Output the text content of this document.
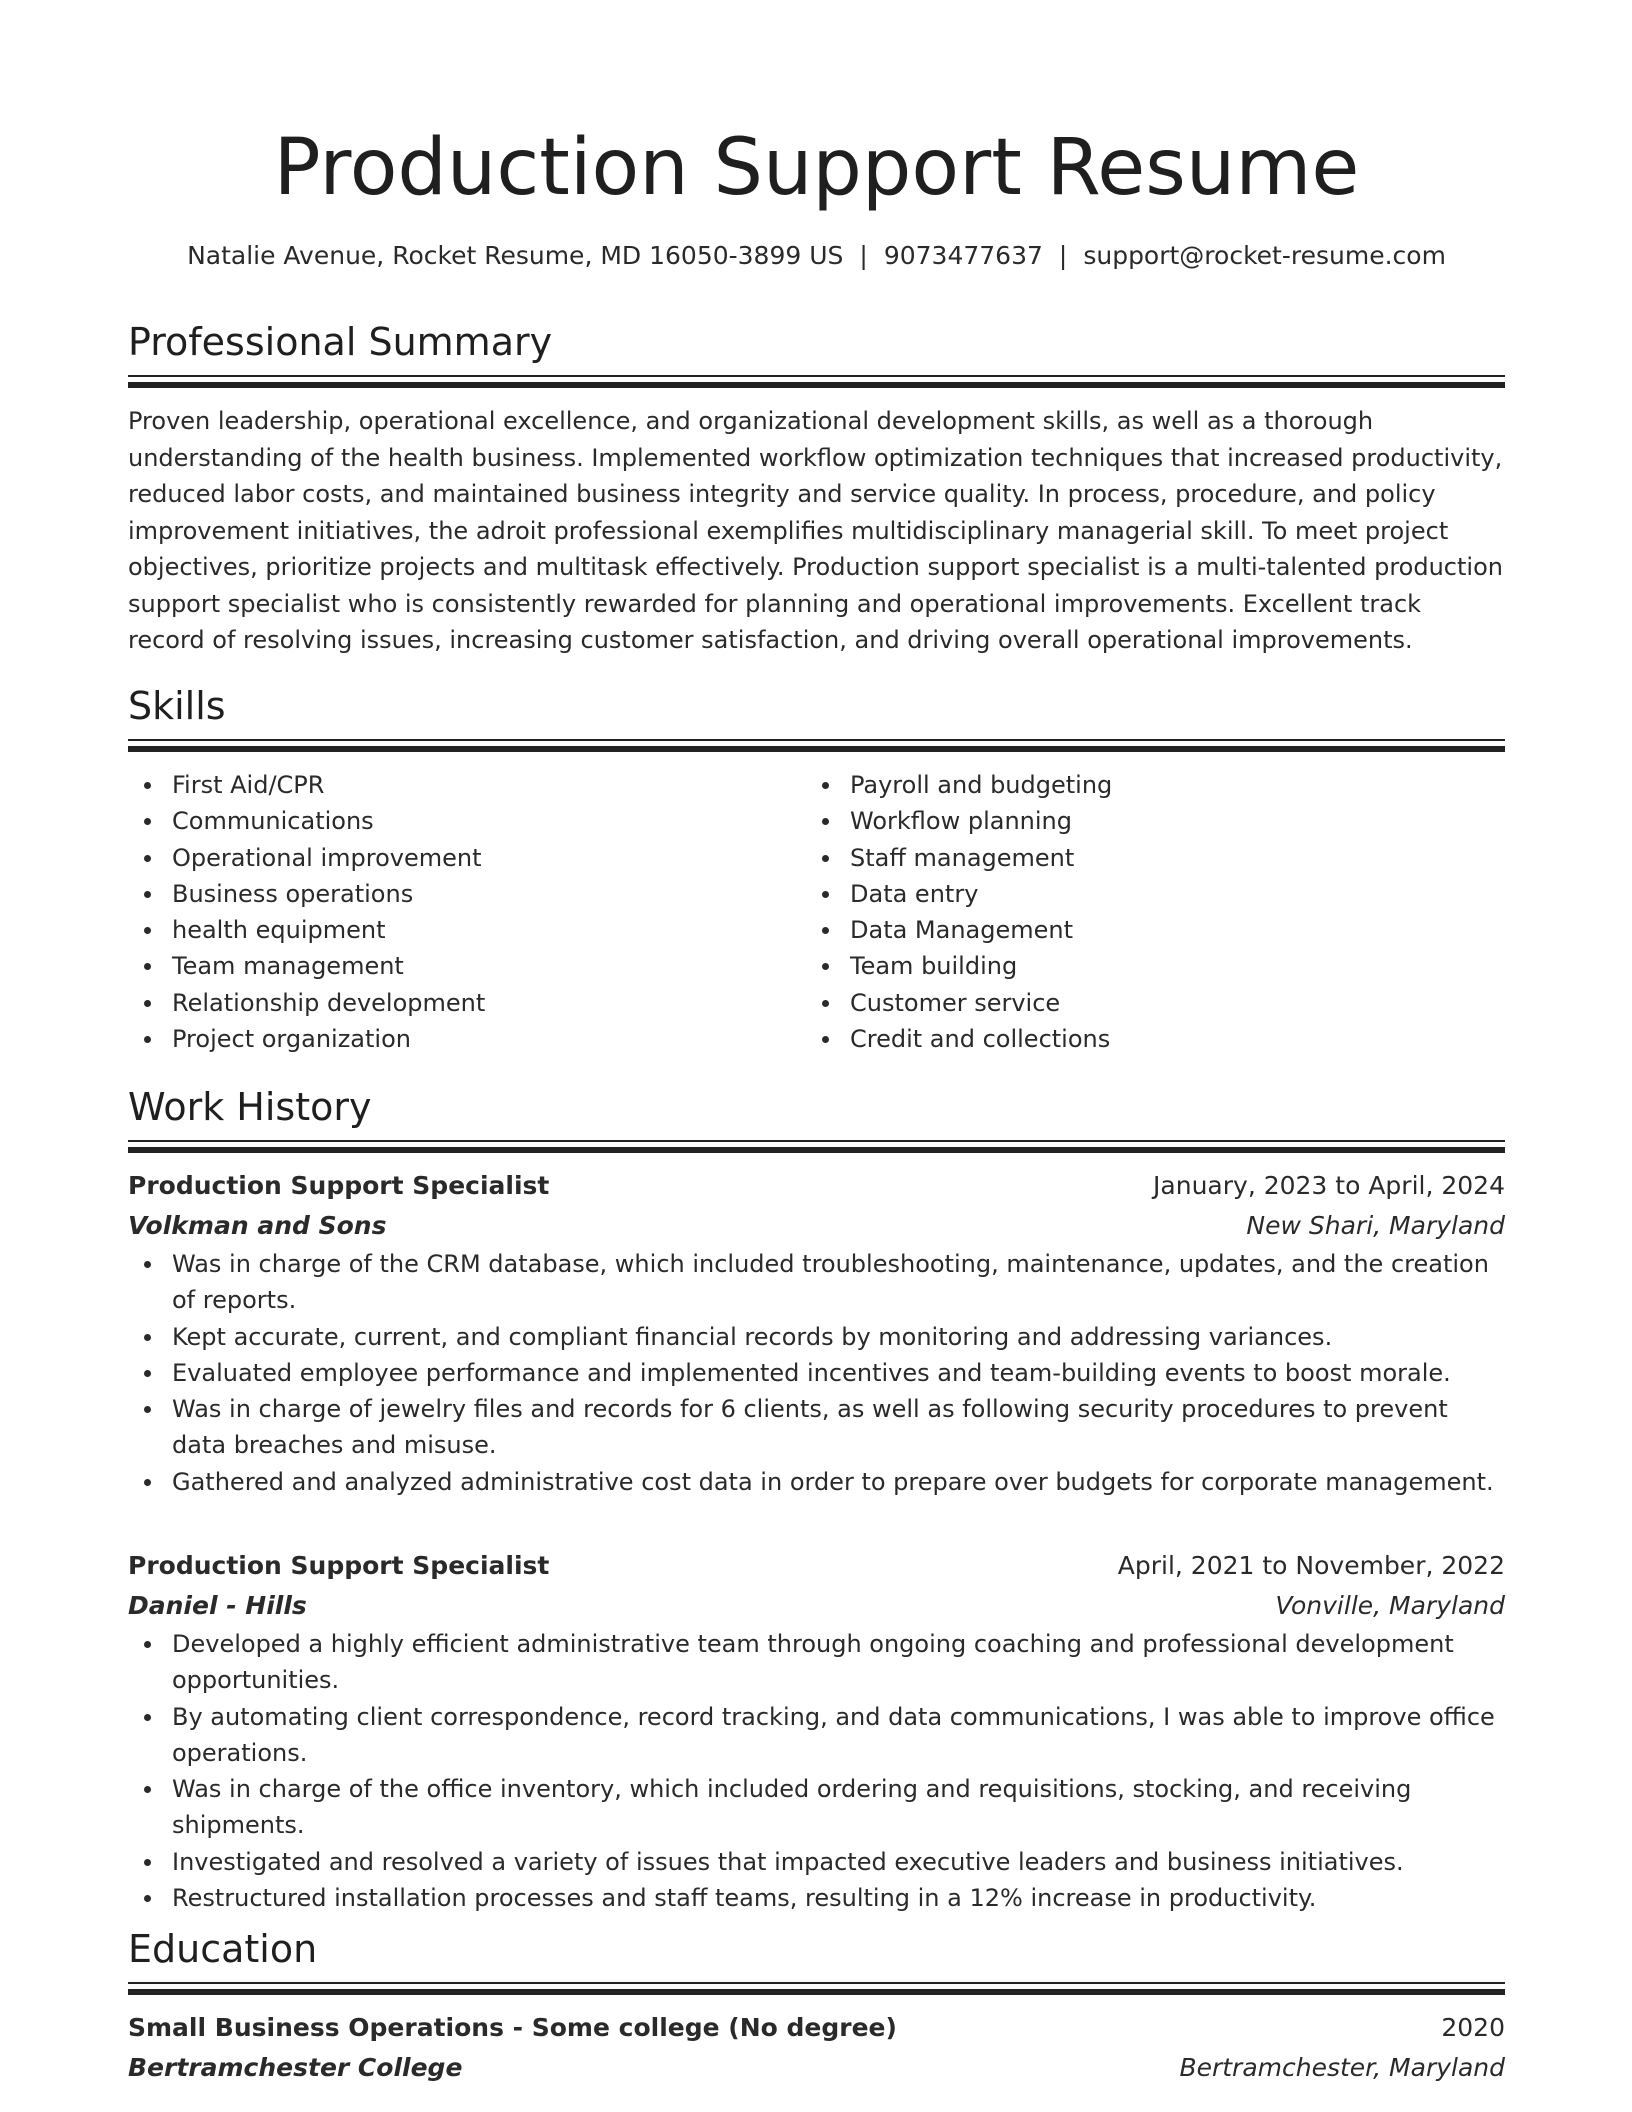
Production Support Resume
Natalie Avenue, Rocket Resume, MD 16050-3899 US | 9073477637 | support@rocket-resume.com
Professional Summary

Proven leadership, operational excellence, and organizational development skills, as well as a thorough understanding of the health business. Implemented workflow optimization techniques that increased productivity, reduced labor costs, and maintained business integrity and service quality. In process, procedure, and policy improvement initiatives, the adroit professional exemplifies multidisciplinary managerial skill. To meet project objectives, prioritize projects and multitask effectively. Production support specialist is a multi-talented production support specialist who is consistently rewarded for planning and operational improvements. Excellent track record of resolving issues, increasing customer satisfaction, and driving overall operational improvements.

Skills
First Aid/CPR
Communications
Operational improvement
Business operations
health equipment
Team management
Relationship development
Project organization
Payroll and budgeting
Workflow planning
Staff management
Data entry
Data Management
Team building
Customer service
Credit and collections
Work History
Production Support Specialist	January, 2023 to April, 2024
Volkman and Sons	New Shari, Maryland
Was in charge of the CRM database, which included troubleshooting, maintenance, updates, and the creation of reports.
Kept accurate, current, and compliant financial records by monitoring and addressing variances.
Evaluated employee performance and implemented incentives and team-building events to boost morale.
Was in charge of jewelry files and records for 6 clients, as well as following security procedures to prevent data breaches and misuse.
Gathered and analyzed administrative cost data in order to prepare over budgets for corporate management.
Production Support Specialist	April, 2021 to November, 2022
Daniel - Hills	Vonville, Maryland
Developed a highly efficient administrative team through ongoing coaching and professional development opportunities.
By automating client correspondence, record tracking, and data communications, I was able to improve office operations.
Was in charge of the office inventory, which included ordering and requisitions, stocking, and receiving shipments.
Investigated and resolved a variety of issues that impacted executive leaders and business initiatives.
Restructured installation processes and staff teams, resulting in a 12% increase in productivity.
Education
Small Business Operations - Some college (No degree)	2020
Bertramchester College	Bertramchester, Maryland
